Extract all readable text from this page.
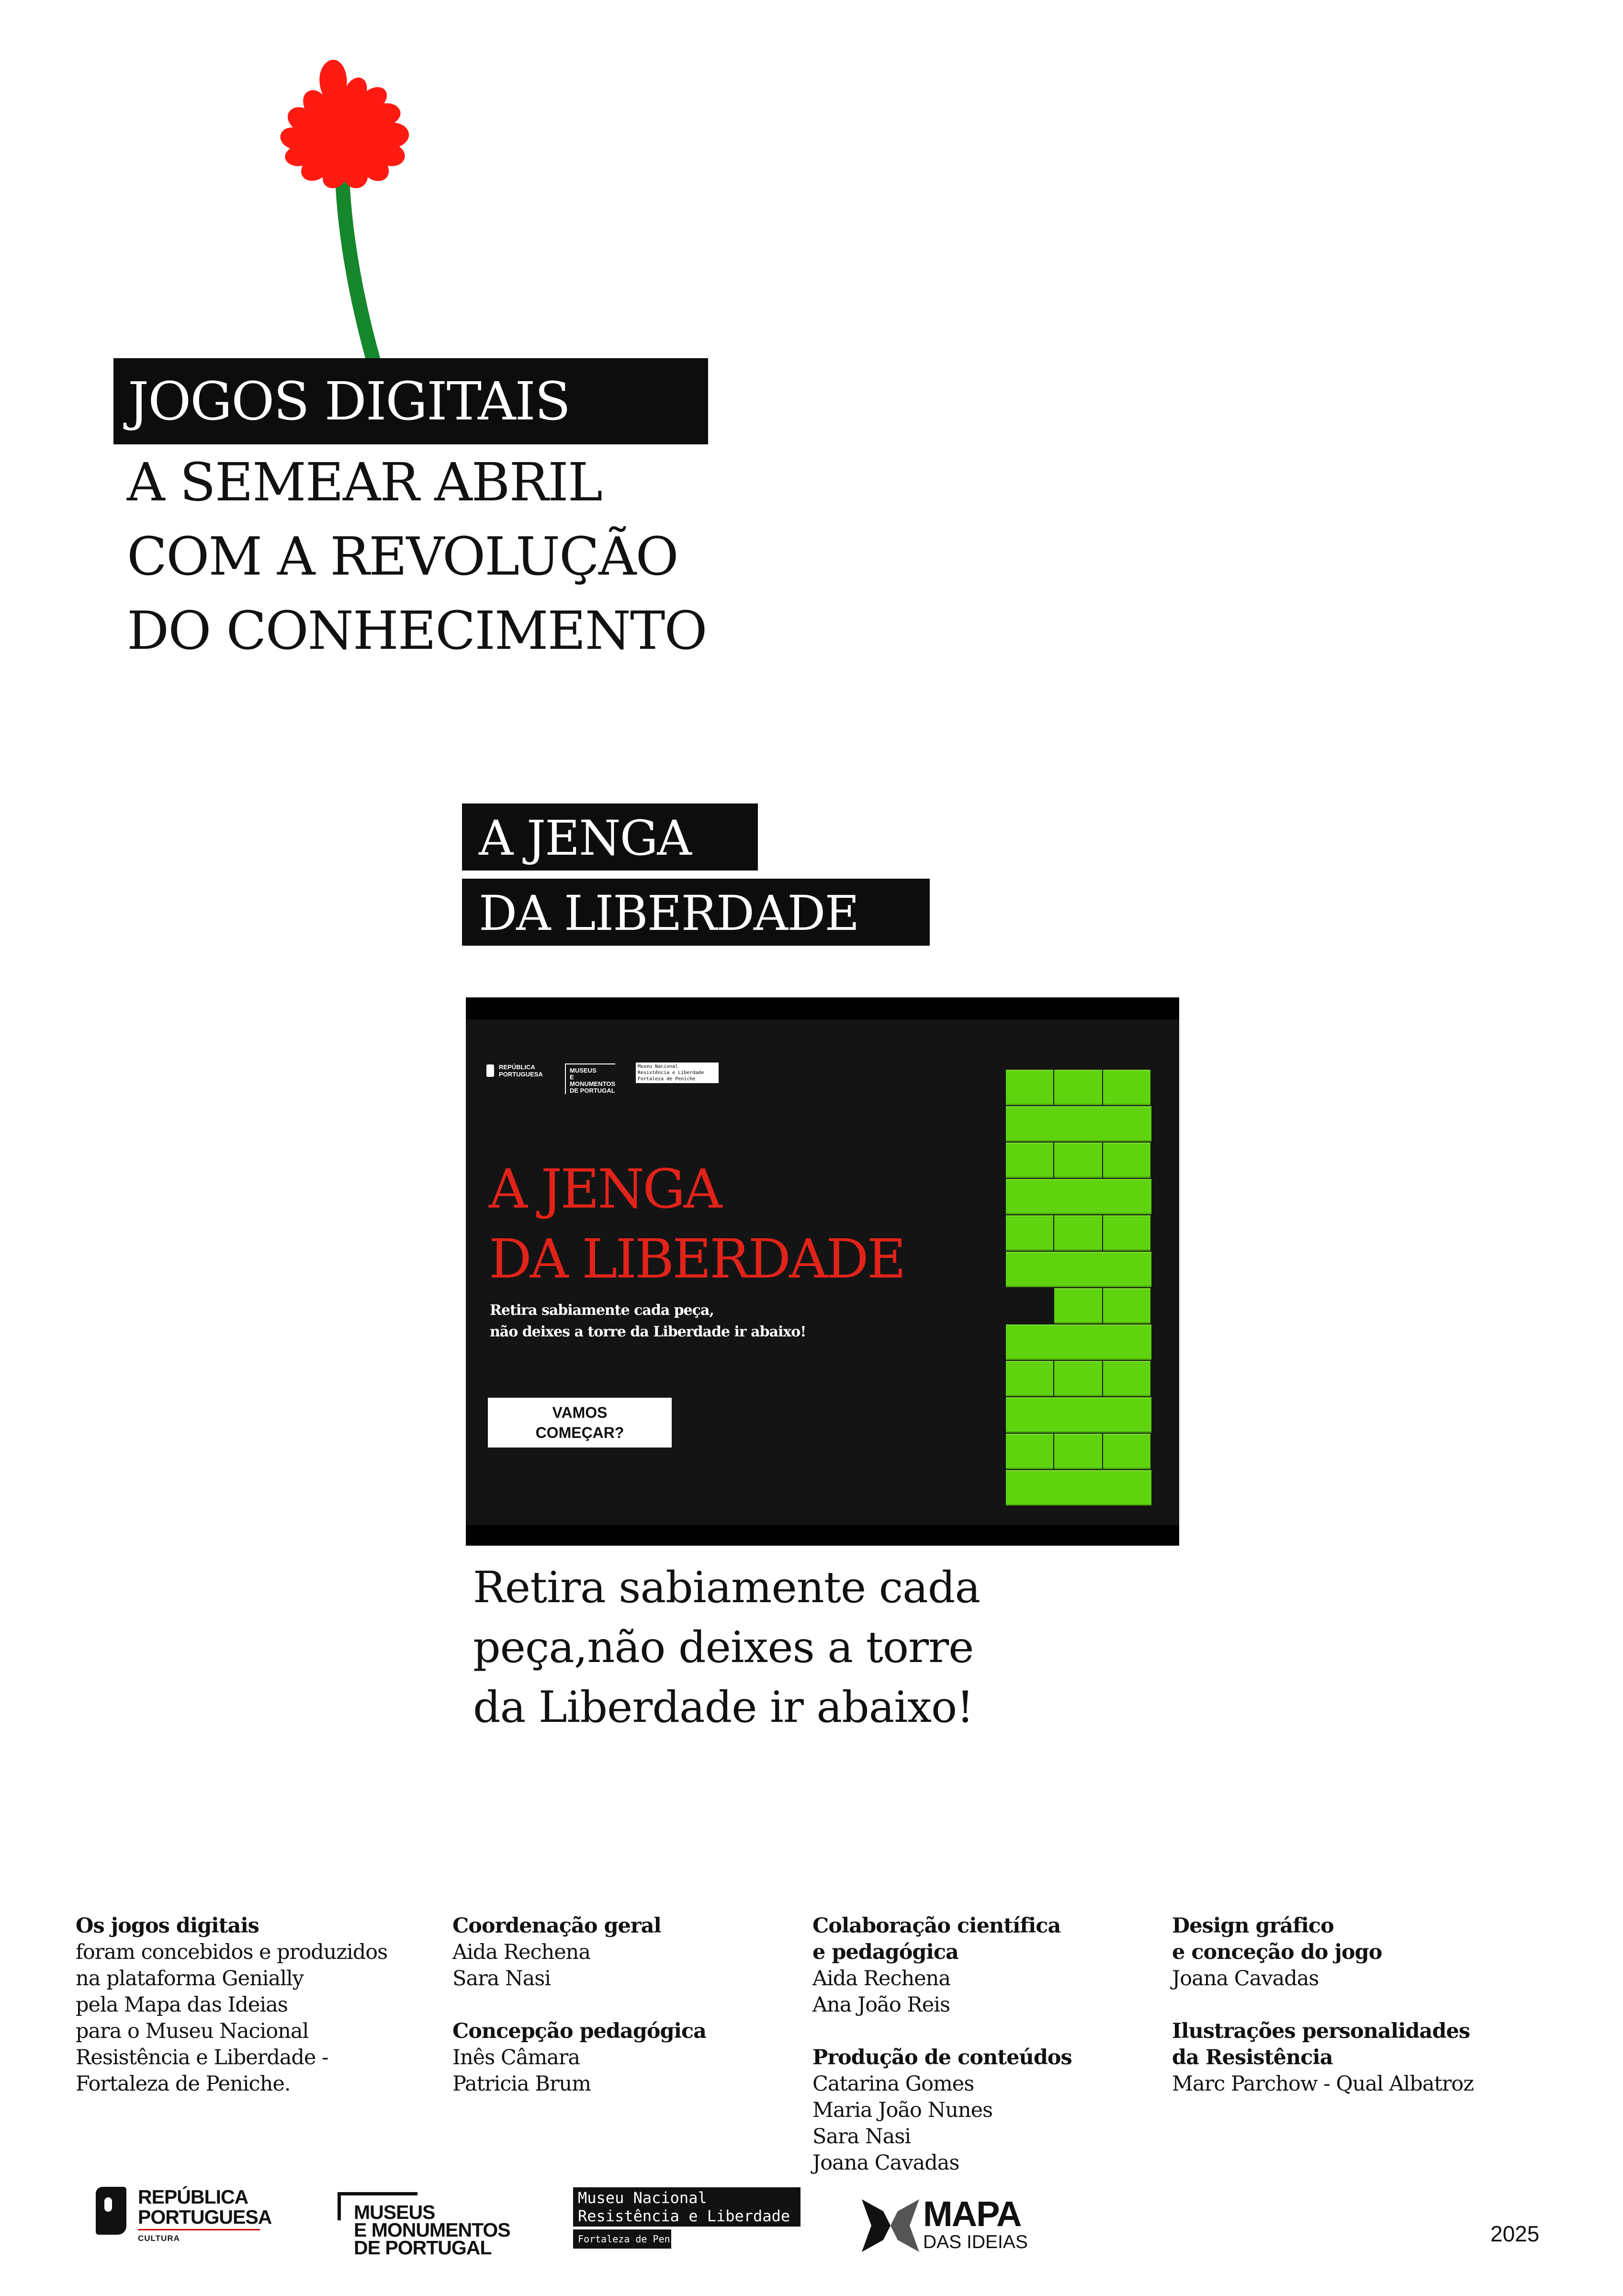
JOGOS DIGITAIS
A SEMEAR ABRIL
COM A REVOLUÇÃO
DO CONHECIMENTO
A JENGA
DA LIBERDADE
REPÚBLICA
PORTUGUESA
MUSEUS
E MONUMENTOS
DE PORTUGAL
Museu Nacional
Resistência e Liberdade
Fortaleza de Peniche
A JENGA
DA LIBERDADE
Retira sabiamente cada peça,
não deixes a torre da Liberdade ir abaixo!
VAMOS
COMEÇAR?
Retira sabiamente cada
peça,não deixes a torre
da Liberdade ir abaixo!
Os jogos digitais
foram concebidos e produzidos
na plataforma Genially
pela Mapa das Ideias
para o Museu Nacional
Resistência e Liberdade -
Fortaleza de Peniche.
Coordenação geral
Aida Rechena
Sara Nasi
Concepção pedagógica
Inês Câmara
Patricia Brum
Colaboração científica
e pedagógica
Aida Rechena
Ana João Reis
Produção de conteúdos
Catarina Gomes
Maria João Nunes
Sara Nasi
Joana Cavadas
Design gráfico
e conceção do jogo
Joana Cavadas
Ilustrações personalidades
da Resistência
Marc Parchow - Qual Albatroz
REPÚBLICA
PORTUGUESA
CULTURA
MUSEUS
E MONUMENTOS
DE PORTUGAL
Museu Nacional
Resistência e Liberdade
Fortaleza de Peniche
MAPA
DAS IDEIAS	2025
